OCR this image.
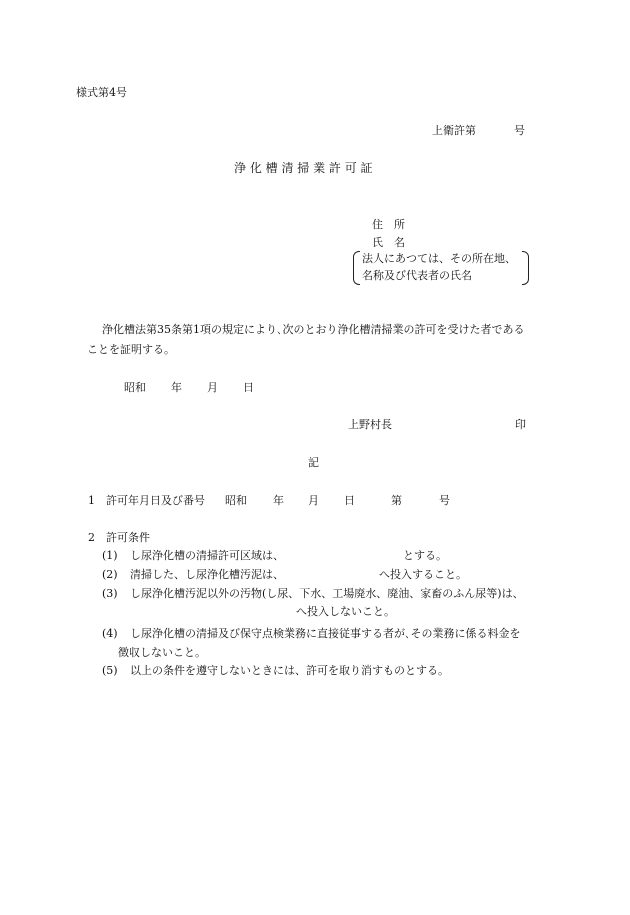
様式第4号
上衛許第	号
浄 化 槽 清 掃 業 許 可 証
住　所
氏　名
法人にあつては、その所在地、
名称及び代表者の氏名
浄化槽法第35条第1項の規定により､次のとおり浄化槽清掃業の許可を受けた者である
ことを証明する。
昭和 年 月 日
上野村長	印
記
1 許可年月日及び番号 昭和 年 月 日	第	号
2 許可条件
(1) し尿浄化槽の清掃許可区域は、	とする。
(2) 清掃した、し尿浄化槽汚泥は、	へ投入すること。
(3) し尿浄化槽汚泥以外の汚物(し尿、下水、工場廃水、廃油、家畜のふん尿等)は、
へ投入しないこと。
(4) し尿浄化槽の清掃及び保守点検業務に直接従事する者が､その業務に係る料金を
徴収しないこと。
(5) 以上の条件を遵守しないときには、許可を取り消すものとする。
